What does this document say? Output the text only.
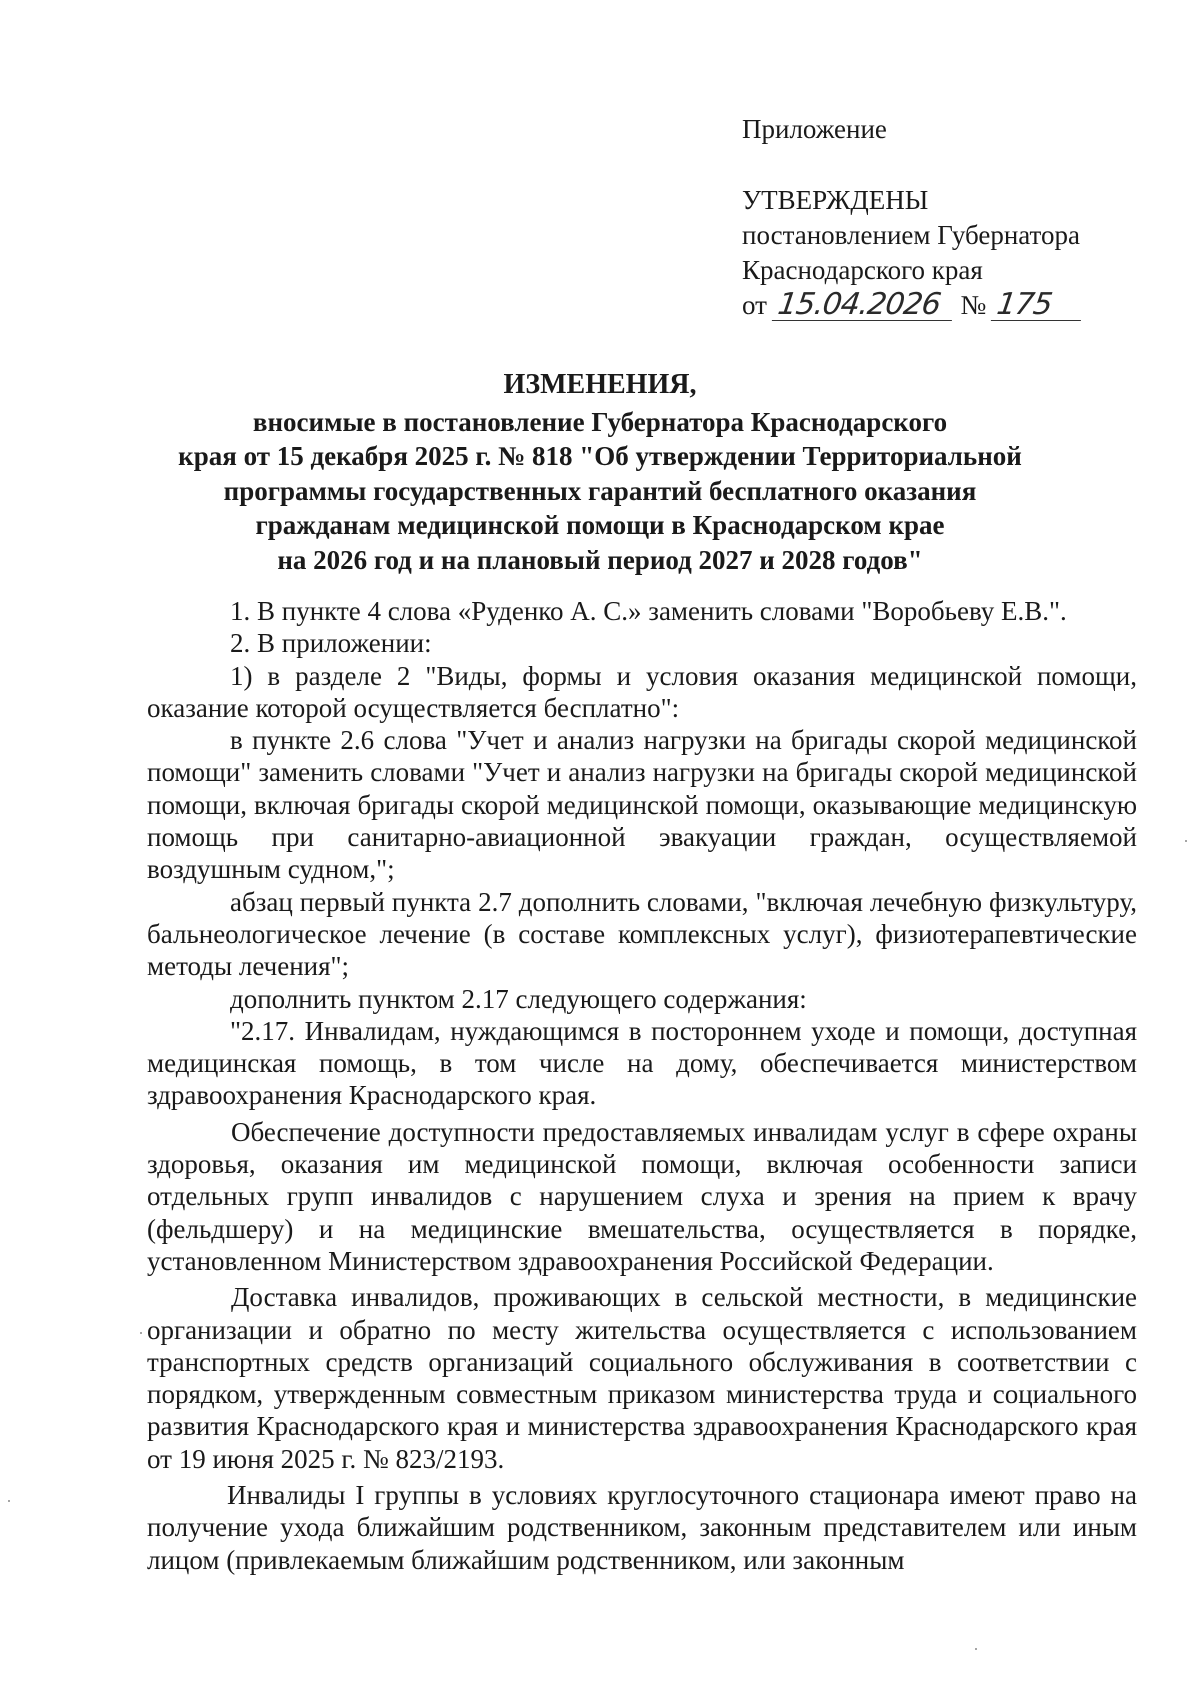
Приложение
УТВЕРЖДЕНЫ
постановлением Губернатора
Краснодарского края
от 15.04.2026 № 175
ИЗМЕНЕНИЯ,
вносимые в постановление Губернатора Краснодарского
края от 15 декабря 2025 г. № 818 "Об утверждении Территориальной
программы государственных гарантий бесплатного оказания
гражданам медицинской помощи в Краснодарском крае
на 2026 год и на плановый период 2027 и 2028 годов"

1. В пункте 4 слова «Руденко А. С.» заменить словами "Воробьеву Е.В.".

2. В приложении:

1) в разделе 2 "Виды, формы и условия оказания медицинской помощи, оказание которой осуществляется бесплатно":

в пункте 2.6 слова "Учет и анализ нагрузки на бригады скорой медицинской помощи" заменить словами "Учет и анализ нагрузки на бригады скорой медицинской помощи, включая бригады скорой медицинской помощи, оказывающие медицинскую помощь при санитарно-авиационной эвакуации граждан, осуществляемой воздушным судном,";

абзац первый пункта 2.7 дополнить словами, "включая лечебную физкультуру, бальнеологическое лечение (в составе комплексных услуг), физиотерапевтические методы лечения";

дополнить пунктом 2.17 следующего содержания:

"2.17. Инвалидам, нуждающимся в постороннем уходе и помощи, доступная медицинская помощь, в том числе на дому, обеспечивается министерством здравоохранения Краснодарского края.

Обеспечение доступности предоставляемых инвалидам услуг в сфере охраны здоровья, оказания им медицинской помощи, включая особенности записи отдельных групп инвалидов с нарушением слуха и зрения на прием к врачу (фельдшеру) и на медицинские вмешательства, осуществляется в порядке, установленном Министерством здравоохранения Российской Федерации.

Доставка инвалидов, проживающих в сельской местности, в медицинские организации и обратно по месту жительства осуществляется с использованием транспортных средств организаций социального обслуживания в соответствии с порядком, утвержденным совместным приказом министерства труда и социального развития Краснодарского края и министерства здравоохранения Краснодарского края от 19 июня 2025 г. № 823/2193.

Инвалиды I группы в условиях круглосуточного стационара имеют право на получение ухода ближайшим родственником, законным представителем или иным лицом (привлекаемым ближайшим родственником, или законным
